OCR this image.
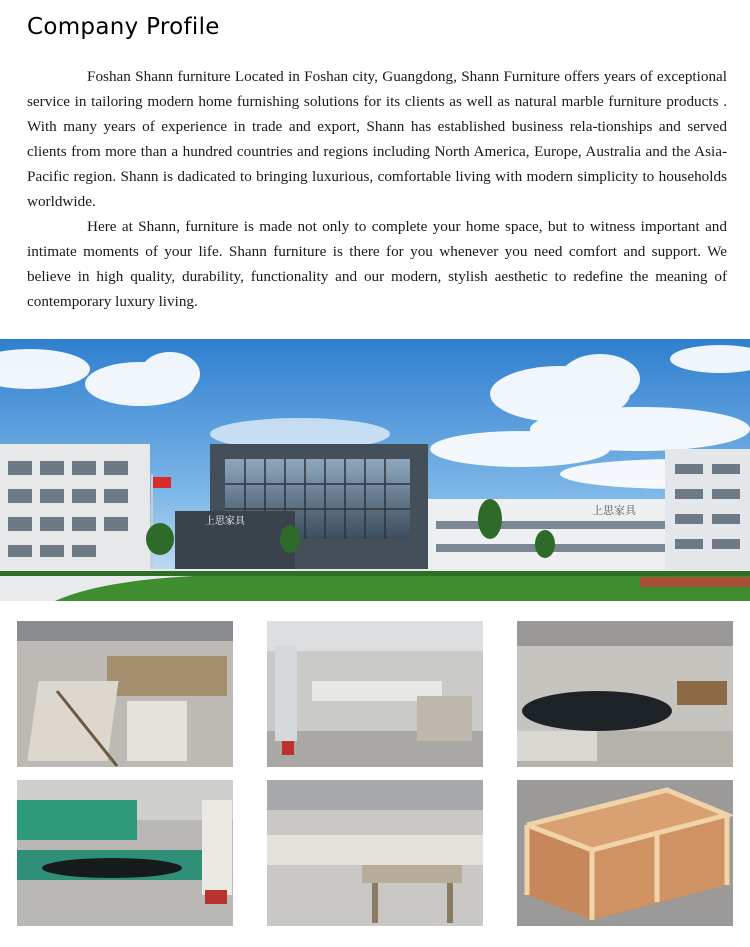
Company Profile

Foshan Shann furniture Located in Foshan city, Guangdong, Shann Furniture offers years of exceptional service in tailoring modern home furnishing solutions for its clients as well as natural marble furniture products . With many years of experience in trade and export, Shann has established business rela-tionships and served clients from more than a hundred countries and regions including North America, Europe, Australia and the Asia-Pacific region. Shann is dadicated to bringing luxurious, comfortable living with modern simplicity to households worldwide.

Here at Shann, furniture is made not only to complete your home space, but to witness important and intimate moments of your life. Shann furniture is there for you whenever you need comfort and support. We believe in high quality, durability, functionality and our modern, stylish aesthetic to redefine the meaning of contemporary luxury living.

上思家具
上思家具
